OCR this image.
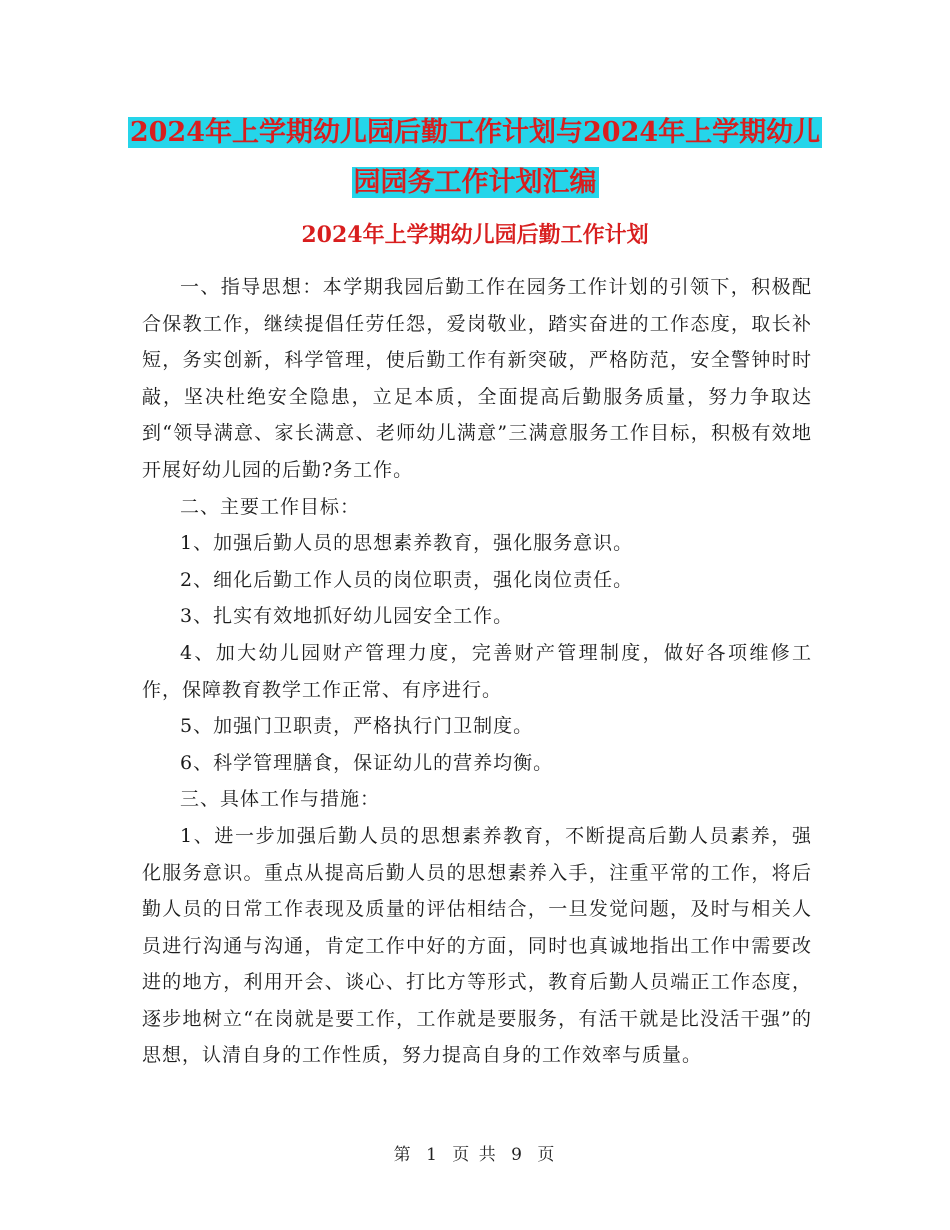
2024年上学期幼儿园后勤工作计划与2024年上学期幼儿园园务工作计划汇编
2024年上学期幼儿园后勤工作计划

一、指导思想：本学期我园后勤工作在园务工作计划的引领下，积极配合保教工作，继续提倡任劳任怨，爱岗敬业，踏实奋进的工作态度，取长补短，务实创新，科学管理，使后勤工作有新突破，严格防范，安全警钟时时敲，坚决杜绝安全隐患，立足本质，全面提高后勤服务质量，努力争取达到“领导满意、家长满意、老师幼儿满意”三满意服务工作目标，积极有效地开展好幼儿园的后勤?务工作。

二、主要工作目标：

1、加强后勤人员的思想素养教育，强化服务意识。

2、细化后勤工作人员的岗位职责，强化岗位责任。

3、扎实有效地抓好幼儿园安全工作。

4、加大幼儿园财产管理力度，完善财产管理制度，做好各项维修工作，保障教育教学工作正常、有序进行。

5、加强门卫职责，严格执行门卫制度。

6、科学管理膳食，保证幼儿的营养均衡。

三、具体工作与措施：

1、进一步加强后勤人员的思想素养教育，不断提高后勤人员素养，强化服务意识。重点从提高后勤人员的思想素养入手，注重平常的工作，将后勤人员的日常工作表现及质量的评估相结合，一旦发觉问题，及时与相关人员进行沟通与沟通，肯定工作中好的方面，同时也真诚地指出工作中需要改进的地方，利用开会、谈心、打比方等形式，教育后勤人员端正工作态度，逐步地树立“在岗就是要工作，工作就是要服务，有活干就是比没活干强”的思想，认清自身的工作性质，努力提高自身的工作效率与质量。

第 1 页 共 9 页
